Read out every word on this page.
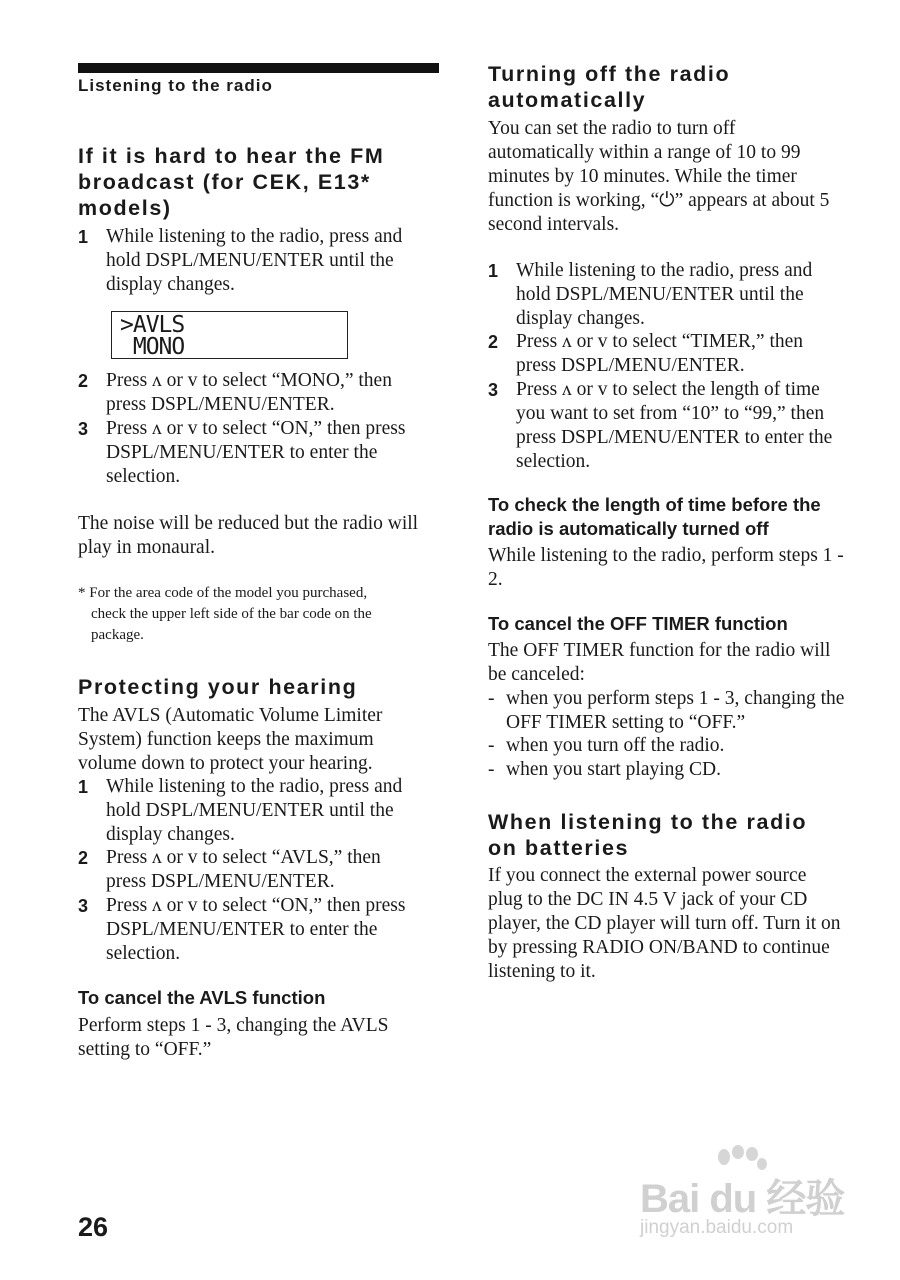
Listening to the radio
If it is hard to hear the FM
broadcast (for CEK, E13*
models)
1 While listening to the radio, press and
hold DSPL/MENU/ENTER until the
display changes.
>AVLS
MONO
2 Press ʌ or v to select “MONO,” then
press DSPL/MENU/ENTER.
3 Press ʌ or v to select “ON,” then press
DSPL/MENU/ENTER to enter the
selection.
The noise will be reduced but the radio will
play in monaural.
* For the area code of the model you purchased,
check the upper left side of the bar code on the
package.
Protecting your hearing
The AVLS (Automatic Volume Limiter
System) function keeps the maximum
volume down to protect your hearing.
1 While listening to the radio, press and
hold DSPL/MENU/ENTER until the
display changes.
2 Press ʌ or v to select “AVLS,” then
press DSPL/MENU/ENTER.
3 Press ʌ or v to select “ON,” then press
DSPL/MENU/ENTER to enter the
selection.
To cancel the AVLS function
Perform steps 1 - 3, changing the AVLS
setting to “OFF.”
Turning off the radio
automatically
You can set the radio to turn off
automatically within a range of 10 to 99
minutes by 10 minutes. While the timer
function is working, “⏻” appears at about 5
second intervals.
1 While listening to the radio, press and
hold DSPL/MENU/ENTER until the
display changes.
2 Press ʌ or v to select “TIMER,” then
press DSPL/MENU/ENTER.
3 Press ʌ or v to select the length of time
you want to set from “10” to “99,” then
press DSPL/MENU/ENTER to enter the
selection.
To check the length of time before the
radio is automatically turned off
While listening to the radio, perform steps 1 -
2.
To cancel the OFF TIMER function
The OFF TIMER function for the radio will
be canceled:
- when you perform steps 1 - 3, changing the
OFF TIMER setting to “OFF.”
- when you turn off the radio.
- when you start playing CD.
When listening to the radio
on batteries
If you connect the external power source
plug to the DC IN 4.5 V jack of your CD
player, the CD player will turn off. Turn it on
by pressing RADIO ON/BAND to continue
listening to it.
26
Bai du 经验
jingyan.baidu.com
